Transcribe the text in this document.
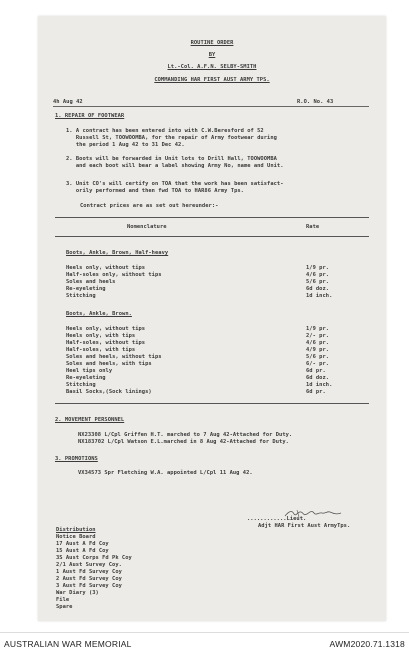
ROUTINE ORDER
BY
Lt.-Col. A.F.N. SELBY-SMITH
COMMANDING HAR FIRST AUST ARMY TPS.
4h Aug 42	R.O. No. 43
1. REPAIR OF FOOTWEAR
1. A contract has been entered into with C.W.Beresford of 52
Russell St, TOOWOOMBA, for the repair of Army footwear during
the period 1 Aug 42 to 31 Dec 42.
2. Boots will be forwarded in Unit lots to Drill Hall, TOOWOOMBA
and each boot will bear a label showing Army No, name and Unit.
3. Unit CO's will certify on TOA that the work has been satisfact-
orily performed and then fwd TOA to HAR86 Army Tps.
Contract prices are as set out hereunder:-
Nomenclature	Rate
Boots, Ankle, Brown, Half-heavy
Heels only, without tips	1/9 pr.
Half-soles only, without tips	4/6 pr.
Soles and heels	5/6 pr.
Re-eyeleting	6d doz.
Stitching	1d inch.
Boots, Ankle, Brown.
Heels only, without tips	1/9 pr.
Heels only, with tips	2/- pr.
Half-soles, without tips	4/6 pr.
Half-soles, with tips	4/9 pr.
Soles and heels, without tips	5/6 pr.
Soles and heels, with tips	6/- pr.
Heel tips only	6d pr.
Re-eyeleting	6d doz.
Stitching	1d inch.
Basil Socks,(Sock linings)	6d pr.
2. MOVEMENT PERSONNEL
NX23308 L/Cpl Griffen H.T. marched to 7 Aug 42-Attached for Duty.
NX183702 L/Cpl Watson E.L.marched in 8 Aug 42-Attached for Duty.
3. PROMOTIONS
VX34573 Spr Fletching W.A. appointed L/Cpl 11 Aug 42.
............Lieut.
Adjt HAR First Aust ArmyTps.
Distribution
Notice Board
17 Aust A Fd Coy
15 Aust A Fd Coy
3S Aust Corps Fd Pk Coy
2/1 Aust Survey Coy.
1 Aust Fd Survey Coy
2 Aust Fd Survey Coy
3 Aust Fd Survey Coy
War Diary (3)
File
Spare
AUSTRALIAN WAR MEMORIAL	AWM2020.71.1318
